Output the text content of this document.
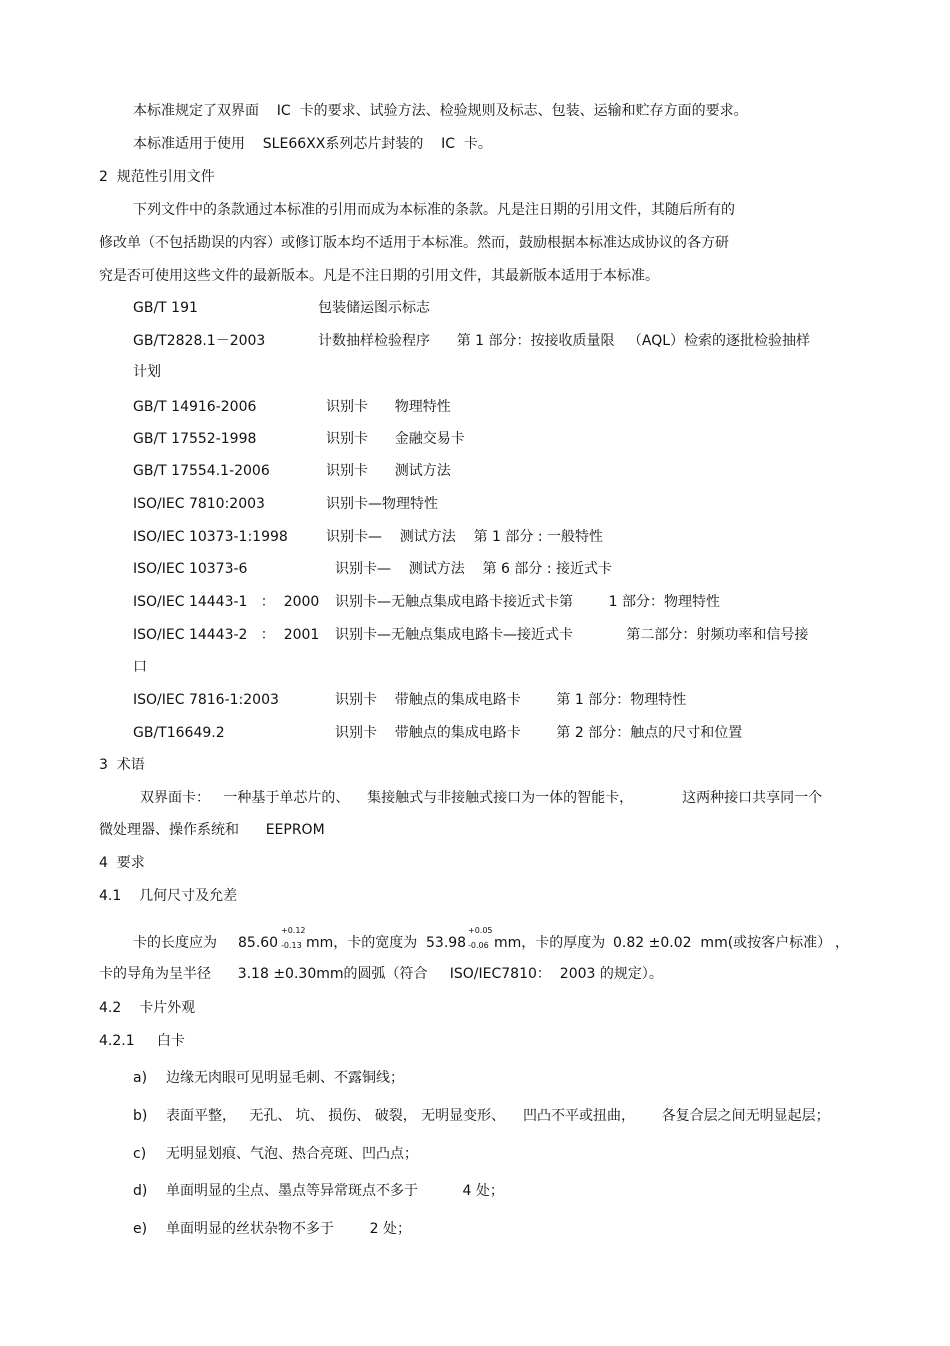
本标准规定了双界面    IC  卡的要求、试验方法、检验规则及标志、包装、运输和贮存方面的要求。
本标准适用于使用    SLE66XX系列芯片封装的    IC  卡。
2  规范性引用文件
下列文件中的条款通过本标准的引用而成为本标准的条款。凡是注日期的引用文件，其随后所有的
修改单（不包括勘误的内容）或修订版本均不适用于本标准。然而，鼓励根据本标准达成协议的各方研
究是否可使用这些文件的最新版本。凡是不注日期的引用文件，其最新版本适用于本标准。
GB/T 191	包装储运图示标志
GB/T2828.1－2003	计数抽样检验程序      第 1 部分：按接收质量限   （AQL）检索的逐批检验抽样
计划
GB/T 14916-2006	识别卡      物理特性
GB/T 17552-1998	识别卡      金融交易卡
GB/T 17554.1-2006	识别卡      测试方法
ISO/IEC 7810:2003	识别卡—物理特性
ISO/IEC 10373-1:1998	识别卡—    测试方法    第 1 部分 : 一般特性
ISO/IEC 10373-6	识别卡—    测试方法    第 6 部分 : 接近式卡
ISO/IEC 14443-1   ：  2000 识别卡—无触点集成电路卡接近式卡第        1 部分：物理特性
ISO/IEC 14443-2   ：  2001 识别卡—无触点集成电路卡—接近式卡            第二部分：射频功率和信号接
口
ISO/IEC 7816-1:2003	识别卡    带触点的集成电路卡        第 1 部分：物理特性
GB/T16649.2	识别卡    带触点的集成电路卡        第 2 部分：触点的尺寸和位置
3  术语
双界面卡：   一种基于单芯片的、    集接触式与非接触式接口为一体的智能卡，           这两种接口共享同一个
微处理器、操作系统和      EEPROM
4  要求
4.1    几何尺寸及允差
卡的长度应为 85.60
+0.12
-0.13 mm，卡的宽度为 53.98
+0.05
-0.06 mm，卡的厚度为 0.82 ±0.02  mm(或按客户标准） ，
卡的导角为呈半径      3.18 ±0.30mm的圆弧（符合     ISO/IEC7810：  2003 的规定）。
4.2    卡片外观
4.2.1     白卡
a) 边缘无肉眼可见明显毛刺、不露铜线；
b) 表面平整，   无孔、 坑、 损伤、 破裂， 无明显变形、    凹凸不平或扭曲，      各复合层之间无明显起层；
c) 无明显划痕、气泡、热合亮斑、凹凸点；
d) 单面明显的尘点、墨点等异常斑点不多于          4 处；
e) 单面明显的丝状杂物不多于        2 处；
